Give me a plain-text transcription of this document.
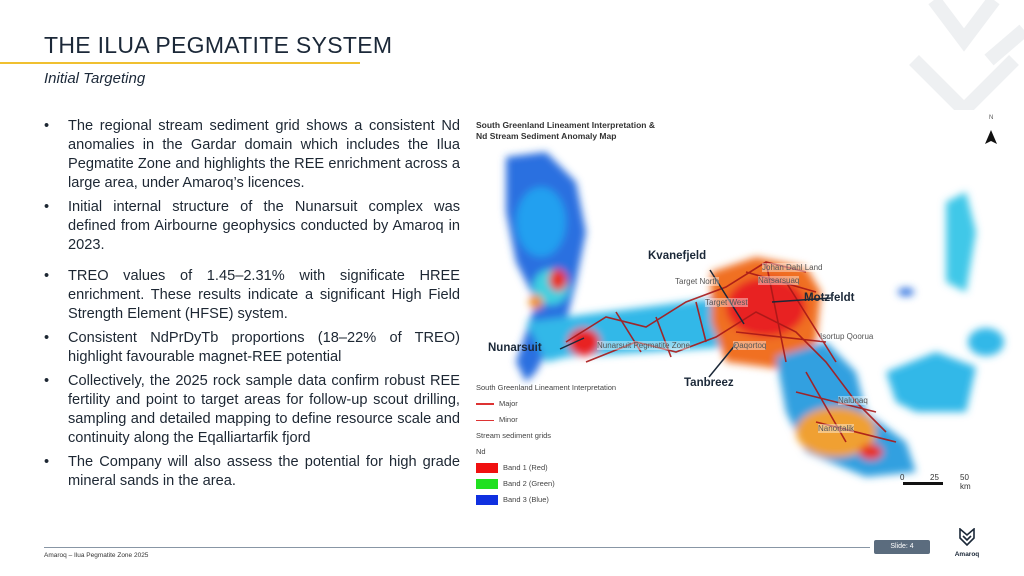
THE ILUA PEGMATITE SYSTEM
Initial Targeting
• The regional stream sediment grid shows a consistent Nd anomalies in the Gardar domain which includes the Ilua Pegmatite Zone and highlights the REE enrichment across a large area, under Amaroq’s licences.
• Initial internal structure of the Nunarsuit complex was defined from Airbourne geophysics conducted by Amaroq in 2023.
• TREO values of 1.45–2.31% with significate HREE enrichment. These results indicate a significant High Field Strength Element (HFSE) system.
• Consistent NdPrDyTb proportions (18–22% of TREO) highlight favourable magnet-REE potential
• Collectively, the 2025 rock sample data confirm robust REE fertility and point to target areas for follow-up scout drilling, sampling and detailed mapping to define resource scale and continuity along the Eqalliartarfik fjord
• The Company will also assess the potential for high grade mineral sands in the area.
South Greenland Lineament Interpretation &
Nd Stream Sediment Anomaly Map
N
Kvanefjeld
Motzfeldt
Nunarsuit
Tanbreez
Johan Dahl Land
Narsarsuaq
Target North
Target West
Isortup Qoorua
Nunarsuit Pegmatite Zone	Qaqortoq
Nalunaq
Nanortalik
South Greenland Lineament Interpretation
Major
Minor
Stream sediment grids
Nd
Band 1 (Red)
Band 2 (Green)
Band 3 (Blue)
0	25	50 km
Amaroq – Ilua Pegmatite Zone 2025
Slide: 4
Amaroq
